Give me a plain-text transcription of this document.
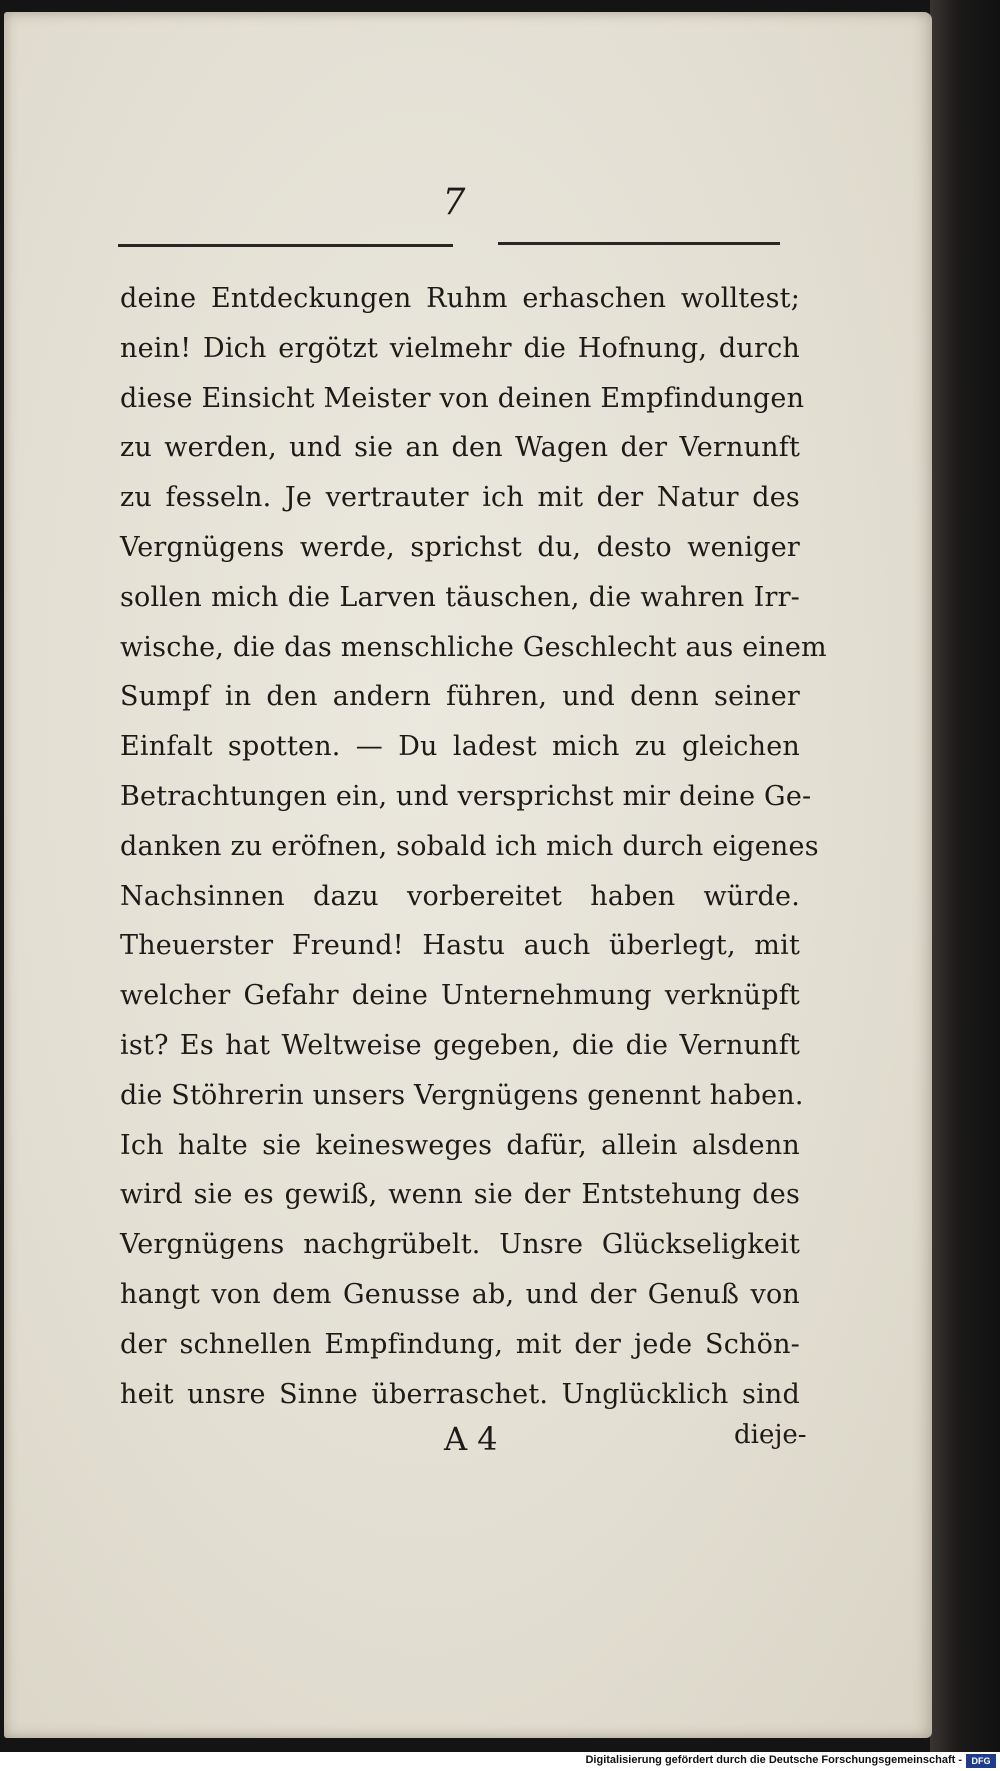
7
deine Entdeckungen Ruhm erhaschen wolltest;
nein! Dich ergötzt vielmehr die Hofnung, durch
diese Einsicht Meister von deinen Empfindungen
zu werden, und sie an den Wagen der Vernunft
zu fesseln. Je vertrauter ich mit der Natur des
Vergnügens werde, sprichst du, desto weniger
sollen mich die Larven täuschen, die wahren Irr-
wische, die das menschliche Geschlecht aus einem
Sumpf in den andern führen, und denn seiner
Einfalt spotten. — Du ladest mich zu gleichen
Betrachtungen ein, und versprichst mir deine Ge-
danken zu eröfnen, sobald ich mich durch eigenes
Nachsinnen dazu vorbereitet haben würde.
Theuerster Freund! Hastu auch überlegt, mit
welcher Gefahr deine Unternehmung verknüpft
ist? Es hat Weltweise gegeben, die die Vernunft
die Stöhrerin unsers Vergnügens genennt haben.
Ich halte sie keinesweges dafür, allein alsdenn
wird sie es gewiß, wenn sie der Entstehung des
Vergnügens nachgrübelt. Unsre Glückseligkeit
hangt von dem Genusse ab, und der Genuß von
der schnellen Empfindung, mit der jede Schön-
heit unsre Sinne überraschet. Unglücklich sind
A 4	dieje-
Digitalisierung gefördert durch die Deutsche Forschungsgemeinschaft -	DFG
